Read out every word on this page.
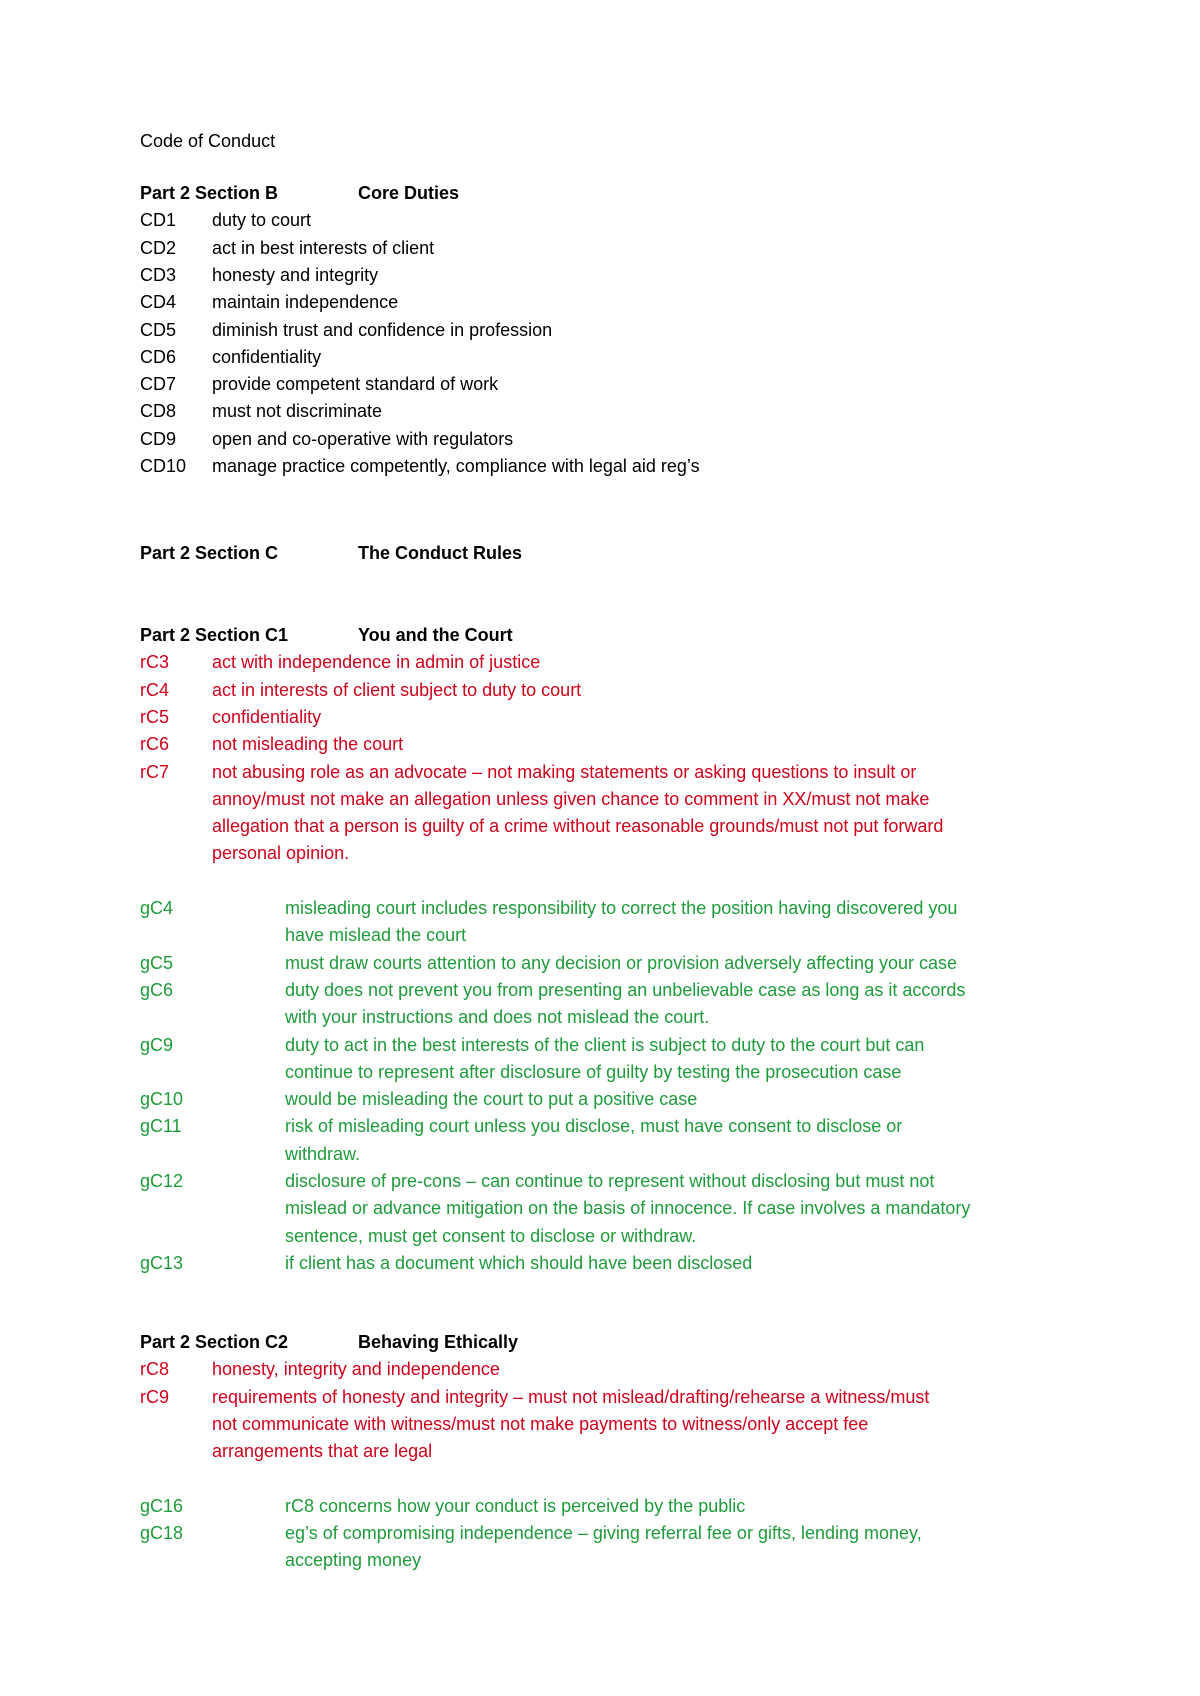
Code of Conduct
Part 2 Section B	Core Duties
CD1 duty to court
CD2 act in best interests of client
CD3 honesty and integrity
CD4 maintain independence
CD5 diminish trust and confidence in profession
CD6 confidentiality
CD7 provide competent standard of work
CD8 must not discriminate
CD9 open and co-operative with regulators
CD10 manage practice competently, compliance with legal aid reg’s
Part 2 Section C	The Conduct Rules
Part 2 Section C1	You and the Court
rC3 act with independence in admin of justice
rC4 act in interests of client subject to duty to court
rC5 confidentiality
rC6 not misleading the court
rC7 not abusing role as an advocate – not making statements or asking questions to insult or
annoy/must not make an allegation unless given chance to comment in XX/must not make
allegation that a person is guilty of a crime without reasonable grounds/must not put forward
personal opinion.
gC4	misleading court includes responsibility to correct the position having discovered you
have mislead the court
gC5	must draw courts attention to any decision or provision adversely affecting your case
gC6	duty does not prevent you from presenting an unbelievable case as long as it accords
with your instructions and does not mislead the court.
gC9	duty to act in the best interests of the client is subject to duty to the court but can
continue to represent after disclosure of guilty by testing the prosecution case
gC10	would be misleading the court to put a positive case
gC11	risk of misleading court unless you disclose, must have consent to disclose or
withdraw.
gC12	disclosure of pre-cons – can continue to represent without disclosing but must not
mislead or advance mitigation on the basis of innocence. If case involves a mandatory
sentence, must get consent to disclose or withdraw.
gC13	if client has a document which should have been disclosed
Part 2 Section C2	Behaving Ethically
rC8 honesty, integrity and independence
rC9 requirements of honesty and integrity – must not mislead/drafting/rehearse a witness/must
not communicate with witness/must not make payments to witness/only accept fee
arrangements that are legal
gC16	rC8 concerns how your conduct is perceived by the public
gC18	eg’s of compromising independence – giving referral fee or gifts, lending money,
accepting money
